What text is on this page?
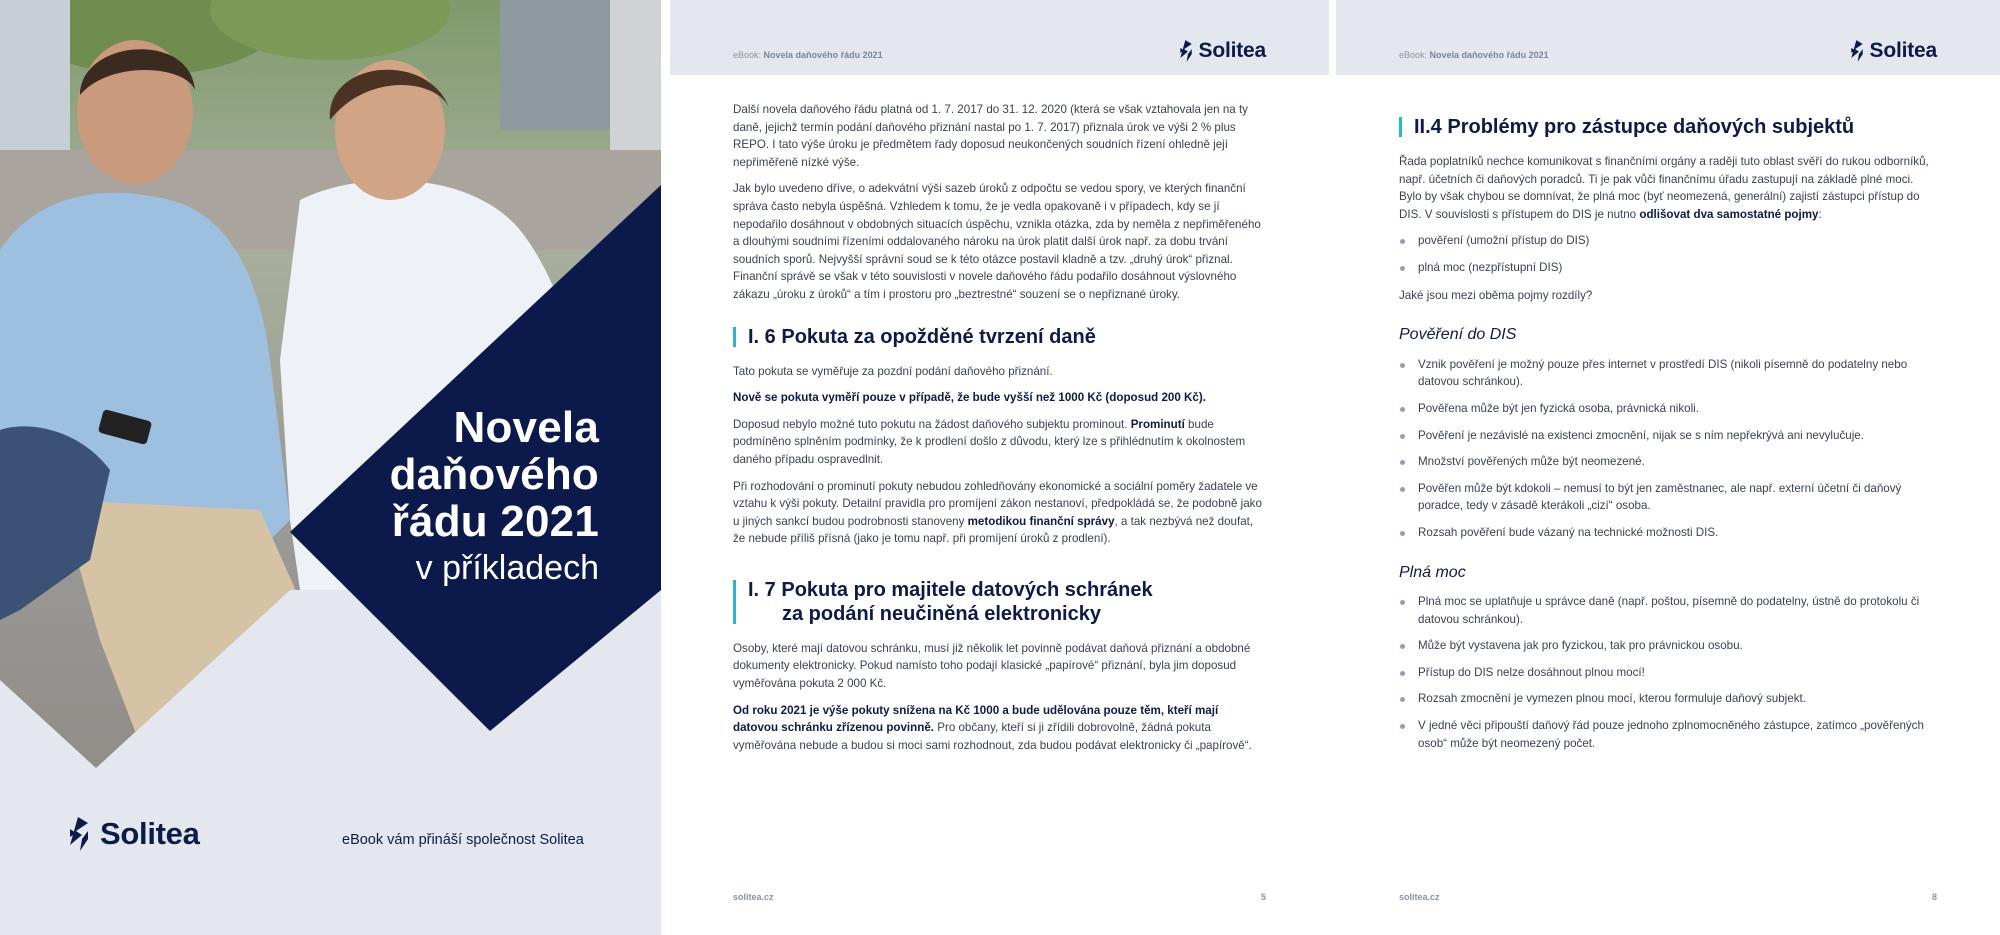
Novela
daňového
řádu 2021
v příkladech
Solitea	eBook vám přináší společnost Solitea
eBook: Novela daňového řádu 2021	Solitea

Další novela daňového řádu platná od 1. 7. 2017 do 31. 12. 2020 (která se však vztahovala jen na ty daně, jejichž termín podání daňového přiznání nastal po 1. 7. 2017) přiznala úrok ve výši 2 % plus REPO. I tato výše úroku je předmětem řady doposud neukončených soudních řízení ohledně její nepřiměřeně nízké výše.

Jak bylo uvedeno dříve, o adekvátní výši sazeb úroků z odpočtu se vedou spory, ve kterých finanční správa často nebyla úspěšná. Vzhledem k tomu, že je vedla opakovaně i v případech, kdy se jí nepodařilo dosáhnout v obdobných situacích úspěchu, vznikla otázka, zda by neměla z nepřiměřeného a dlouhými soudními řízeními oddalovaného nároku na úrok platit další úrok např. za dobu trvání soudních sporů. Nejvyšší správní soud se k této otázce postavil kladně a tzv. „druhý úrok“ přiznal. Finanční správě se však v této souvislosti v novele daňového řádu podařilo dosáhnout výslovného zákazu „úroku z úroků“ a tím i prostoru pro „beztrestné“ souzení se o nepřiznané úroky.

I. 6 Pokuta za opožděné tvrzení daně

Tato pokuta se vyměřuje za pozdní podání daňového přiznání.

Nově se pokuta vyměří pouze v případě, že bude vyšší než 1000 Kč (doposud 200 Kč).

Doposud nebylo možné tuto pokutu na žádost daňového subjektu prominout. Prominutí bude podmíněno splněním podmínky, že k prodlení došlo z důvodu, který lze s přihlédnutím k okolnostem daného případu ospravedlnit.

Při rozhodování o prominutí pokuty nebudou zohledňovány ekonomické a sociální poměry žadatele ve vztahu k výši pokuty. Detailní pravidla pro promíjení zákon nestanoví, předpokládá se, že podobně jako u jiných sankcí budou podrobnosti stanoveny metodikou finanční správy, a tak nezbývá než doufat, že nebude příliš přísná (jako je tomu např. při promíjení úroků z prodlení).

I. 7 Pokuta pro majitele datových schránek
za podání neučiněná elektronicky

Osoby, které mají datovou schránku, musí již několik let povinně podávat daňová přiznání a obdobné dokumenty elektronicky. Pokud namísto toho podají klasické „papírové“ přiznání, byla jim doposud vyměřována pokuta 2 000 Kč.

Od roku 2021 je výše pokuty snížena na Kč 1000 a bude udělována pouze těm, kteří mají datovou schránku zřízenou povinně. Pro občany, kteří si ji zřídili dobrovolně, žádná pokuta vyměřována nebude a budou si moci sami rozhodnout, zda budou podávat elektronicky či „papírově“.

solitea.cz	5
eBook: Novela daňového řádu 2021	Solitea
II.4 Problémy pro zástupce daňových subjektů

Řada poplatníků nechce komunikovat s finančními orgány a raději tuto oblast svěří do rukou odborníků, např. účetních či daňových poradců. Ti je pak vůči finančnímu úřadu zastupují na základě plné moci. Bylo by však chybou se domnívat, že plná moc (byť neomezená, generální) zajistí zástupci přístup do DIS. V souvislosti s přístupem do DIS je nutno odlišovat dva samostatné pojmy:

pověření (umožní přístup do DIS)
plná moc (nezpřístupní DIS)

Jaké jsou mezi oběma pojmy rozdíly?

Pověření do DIS
Vznik pověření je možný pouze přes internet v prostředí DIS (nikoli písemně do podatelny nebo datovou schránkou).
Pověřena může být jen fyzická osoba, právnická nikoli.
Pověření je nezávislé na existenci zmocnění, nijak se s ním nepřekrývá ani nevylučuje.
Množství pověřených může být neomezené.
Pověřen může být kdokoli – nemusí to být jen zaměstnanec, ale např. externí účetní či daňový poradce, tedy v zásadě kterákoli „cizí“ osoba.
Rozsah pověření bude vázaný na technické možnosti DIS.
Plná moc
Plná moc se uplatňuje u správce daně (např. poštou, písemně do podatelny, ústně do protokolu či datovou schránkou).
Může být vystavena jak pro fyzickou, tak pro právnickou osobu.
Přístup do DIS nelze dosáhnout plnou mocí!
Rozsah zmocnění je vymezen plnou mocí, kterou formuluje daňový subjekt.
V jedné věci připouští daňový řád pouze jednoho zplnomocněného zástupce, zatímco „pověřených osob“ může být neomezený počet.
solitea.cz	8
